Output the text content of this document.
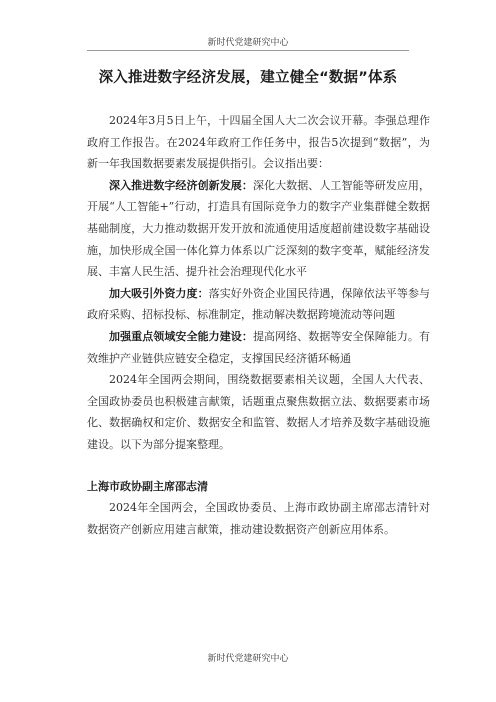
新时代党建研究中心
深入推进数字经济发展，建立健全“数据”体系

2024年3月5日上午，十四届全国人大二次会议开幕。李强总理作政府工作报告。在2024年政府工作任务中，报告5次提到“数据”，为新一年我国数据要素发展提供指引。会议指出要：

深入推进数字经济创新发展：深化大数据、人工智能等研发应用，开展“人工智能+”行动，打造具有国际竞争力的数字产业集群健全数据基础制度，大力推动数据开发开放和流通使用适度超前建设数字基础设施，加快形成全国一体化算力体系以广泛深刻的数字变革，赋能经济发展、丰富人民生活、提升社会治理现代化水平

加大吸引外资力度：落实好外资企业国民待遇，保障依法平等参与政府采购、招标投标、标准制定，推动解决数据跨境流动等问题

加强重点领域安全能力建设：提高网络、数据等安全保障能力。有效维护产业链供应链安全稳定，支撑国民经济循环畅通

2024年全国两会期间，围绕数据要素相关议题，全国人大代表、全国政协委员也积极建言献策，话题重点聚焦数据立法、数据要素市场化、数据确权和定价、数据安全和监管、数据人才培养及数字基础设施建设。以下为部分提案整理。

上海市政协副主席邵志清

2024年全国两会，全国政协委员、上海市政协副主席邵志清针对数据资产创新应用建言献策，推动建设数据资产创新应用体系。

新时代党建研究中心
